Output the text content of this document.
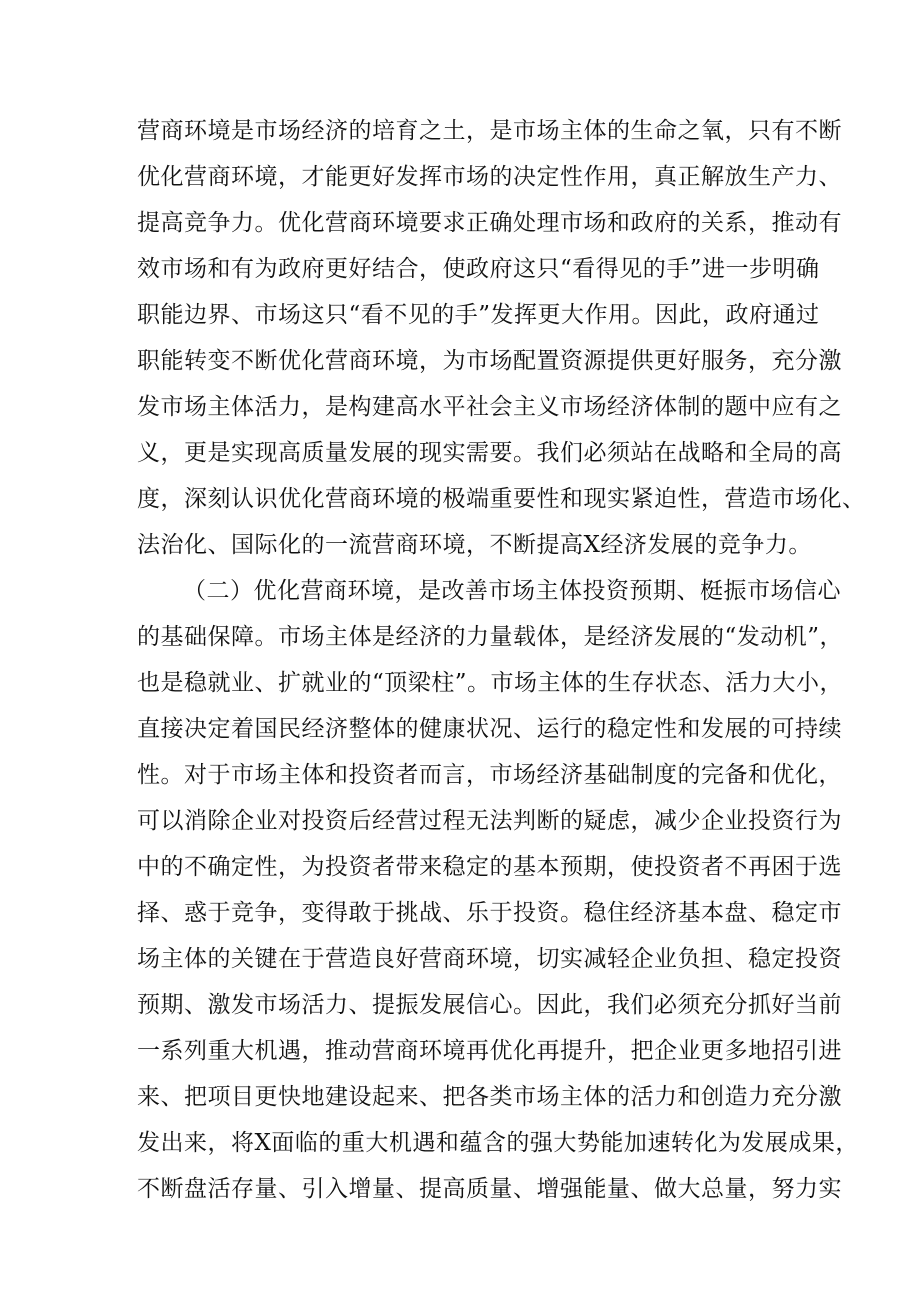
营商环境是市场经济的培育之土，是市场主体的生命之氧，只有不断
优化营商环境，才能更好发挥市场的决定性作用，真正解放生产力、
提高竞争力。优化营商环境要求正确处理市场和政府的关系，推动有
效市场和有为政府更好结合，使政府这只“看得见的手”进一步明确
职能边界、市场这只“看不见的手”发挥更大作用。因此，政府通过
职能转变不断优化营商环境，为市场配置资源提供更好服务，充分激
发市场主体活力，是构建高水平社会主义市场经济体制的题中应有之
义，更是实现高质量发展的现实需要。我们必须站在战略和全局的高
度，深刻认识优化营商环境的极端重要性和现实紧迫性，营造市场化、
法治化、国际化的一流营商环境，不断提高X经济发展的竞争力。
（二）优化营商环境，是改善市场主体投资预期、梃振市场信心
的基础保障。市场主体是经济的力量载体，是经济发展的“发动机”，
也是稳就业、扩就业的“顶梁柱”。市场主体的生存状态、活力大小，
直接决定着国民经济整体的健康状况、运行的稳定性和发展的可持续
性。对于市场主体和投资者而言，市场经济基础制度的完备和优化，
可以消除企业对投资后经营过程无法判断的疑虑，减少企业投资行为
中的不确定性，为投资者带来稳定的基本预期，使投资者不再困于选
择、惑于竞争，变得敢于挑战、乐于投资。稳住经济基本盘、稳定市
场主体的关键在于营造良好营商环境，切实减轻企业负担、稳定投资
预期、激发市场活力、提振发展信心。因此，我们必须充分抓好当前
一系列重大机遇，推动营商环境再优化再提升，把企业更多地招引进
来、把项目更快地建设起来、把各类市场主体的活力和创造力充分激
发出来，将X面临的重大机遇和蕴含的强大势能加速转化为发展成果，
不断盘活存量、引入增量、提高质量、增强能量、做大总量，努力实
